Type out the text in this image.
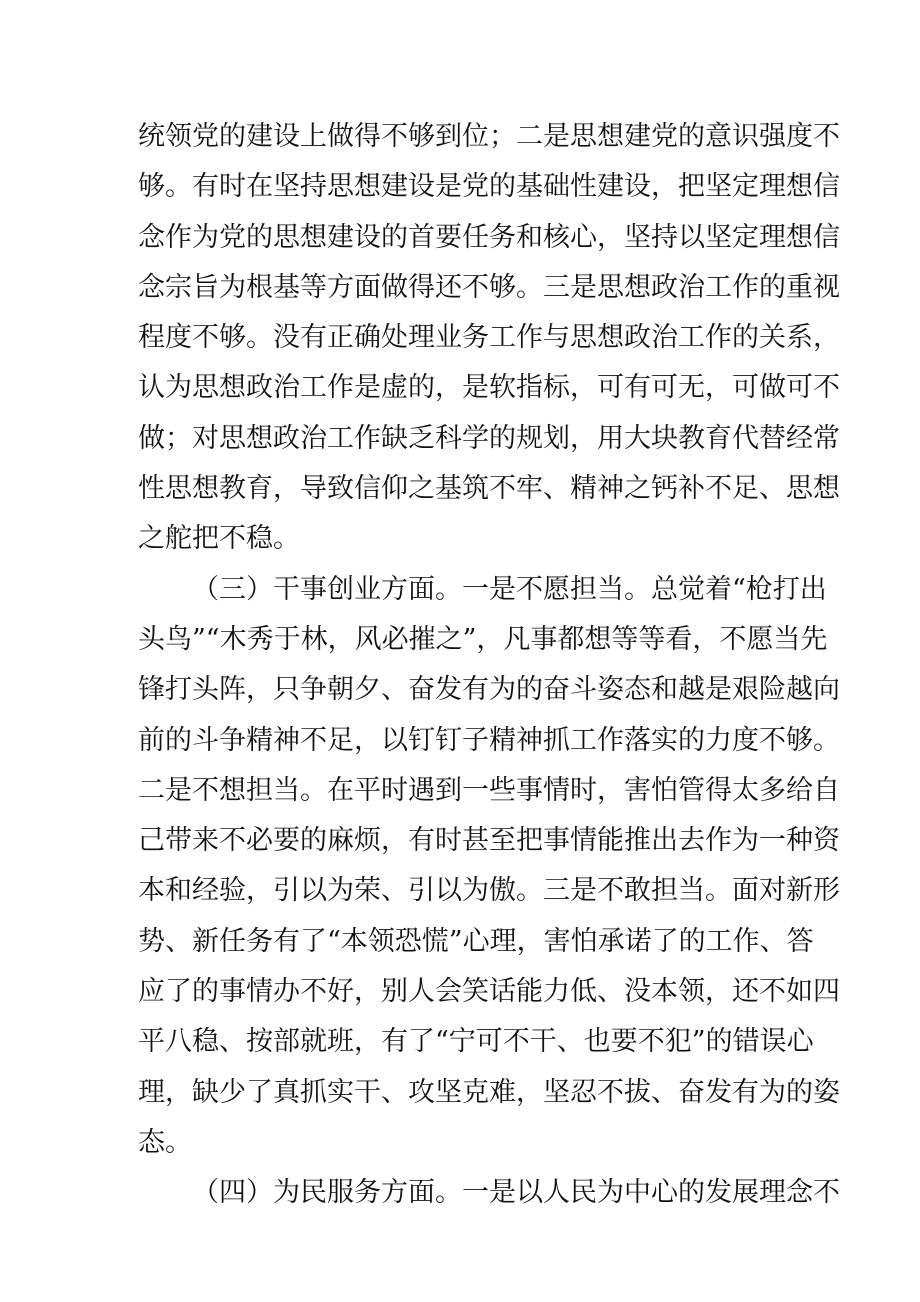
统领党的建设上做得不够到位；二是思想建党的意识强度不
够。有时在坚持思想建设是党的基础性建设，把坚定理想信
念作为党的思想建设的首要任务和核心，坚持以坚定理想信
念宗旨为根基等方面做得还不够。三是思想政治工作的重视
程度不够。没有正确处理业务工作与思想政治工作的关系，
认为思想政治工作是虚的，是软指标，可有可无，可做可不
做；对思想政治工作缺乏科学的规划，用大块教育代替经常
性思想教育，导致信仰之基筑不牢、精神之钙补不足、思想
之舵把不稳。
（三）干事创业方面。一是不愿担当。总觉着“枪打出
头鸟”“木秀于林，风必摧之”，凡事都想等等看，不愿当先
锋打头阵，只争朝夕、奋发有为的奋斗姿态和越是艰险越向
前的斗争精神不足，以钉钉子精神抓工作落实的力度不够。
二是不想担当。在平时遇到一些事情时，害怕管得太多给自
己带来不必要的麻烦，有时甚至把事情能推出去作为一种资
本和经验，引以为荣、引以为傲。三是不敢担当。面对新形
势、新任务有了“本领恐慌”心理，害怕承诺了的工作、答
应了的事情办不好，别人会笑话能力低、没本领，还不如四
平八稳、按部就班，有了“宁可不干、也要不犯”的错误心
理，缺少了真抓实干、攻坚克难，坚忍不拔、奋发有为的姿
态。
（四）为民服务方面。一是以人民为中心的发展理念不
